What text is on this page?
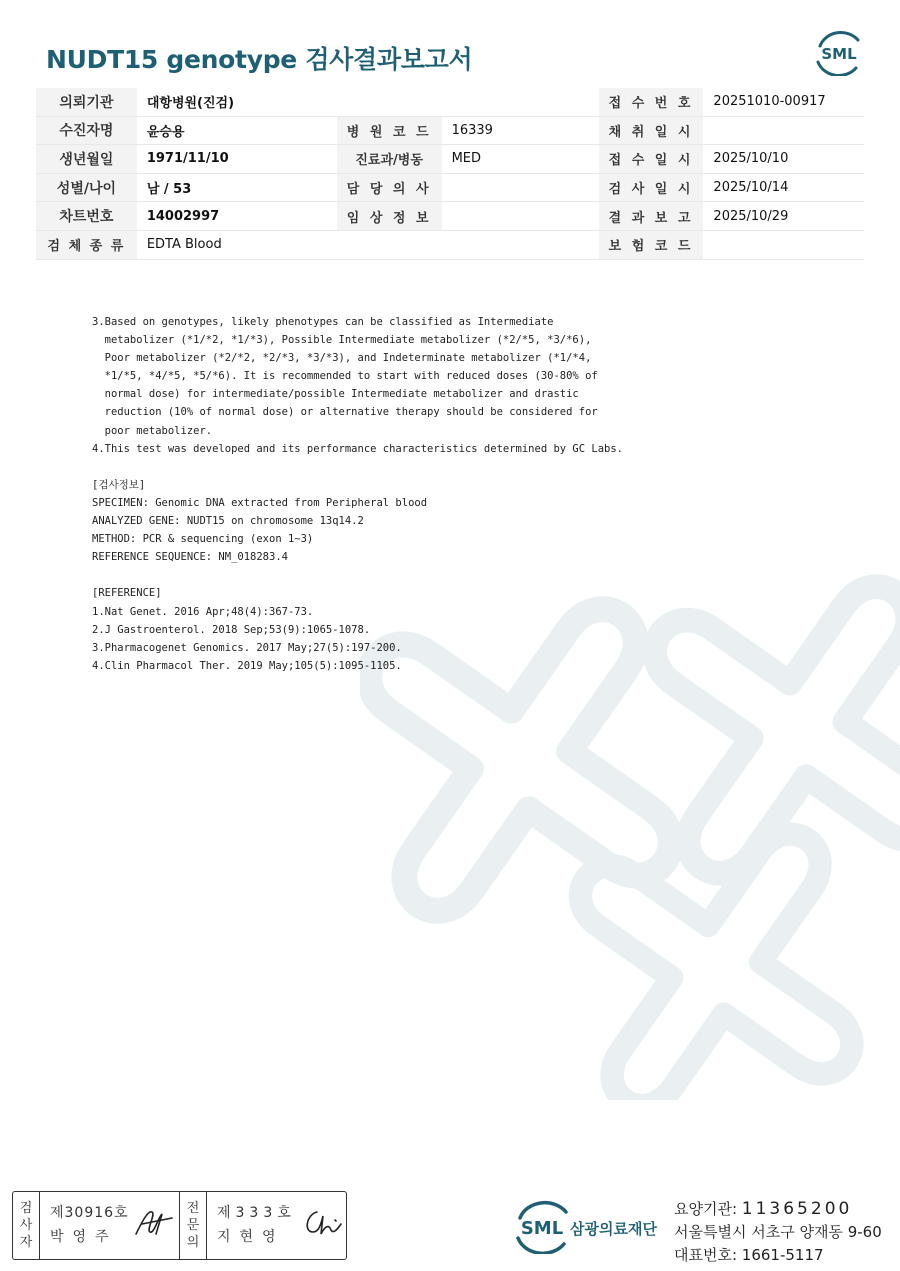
NUDT15 genotype 검사결과보고서	SML
의뢰기관	대항병원(진검)			접 수 번 호	20251010-00917
수진자명	윤승용	병 원 코 드	16339	채 취 일 시	
생년월일	1971/11/10	진료과/병동	MED	접 수 일 시	2025/10/10
성별/나이	남 / 53	담 당 의 사		검 사 일 시	2025/10/14
차트번호	14002997	임 상 정 보		결 과 보 고	2025/10/29
검 체 종 류	EDTA Blood			보 험 코 드	
3.Based on genotypes, likely phenotypes can be classified as Intermediate
metabolizer (*1/*2, *1/*3), Possible Intermediate metabolizer (*2/*5, *3/*6),
Poor metabolizer (*2/*2, *2/*3, *3/*3), and Indeterminate metabolizer (*1/*4,
*1/*5, *4/*5, *5/*6). It is recommended to start with reduced doses (30-80% of
normal dose) for intermediate/possible Intermediate metabolizer and drastic
reduction (10% of normal dose) or alternative therapy should be considered for
poor metabolizer.
4.This test was developed and its performance characteristics determined by GC Labs.

[검사정보]
SPECIMEN: Genomic DNA extracted from Peripheral blood
ANALYZED GENE: NUDT15 on chromosome 13q14.2
METHOD: PCR & sequencing (exon 1~3)
REFERENCE SEQUENCE: NM_018283.4

[REFERENCE]
1.Nat Genet. 2016 Apr;48(4):367-73.
2.J Gastroenterol. 2018 Sep;53(9):1065-1078.
3.Pharmacogenet Genomics. 2017 May;27(5):197-200.
4.Clin Pharmacol Ther. 2019 May;105(5):1095-1105.
검
사
자
제30916호
박영주
전
문
의
제333호
지현영	SML 삼광의료재단
요양기관: 11365200
서울특별시 서초구 양재동 9-60
대표번호: 1661-5117
